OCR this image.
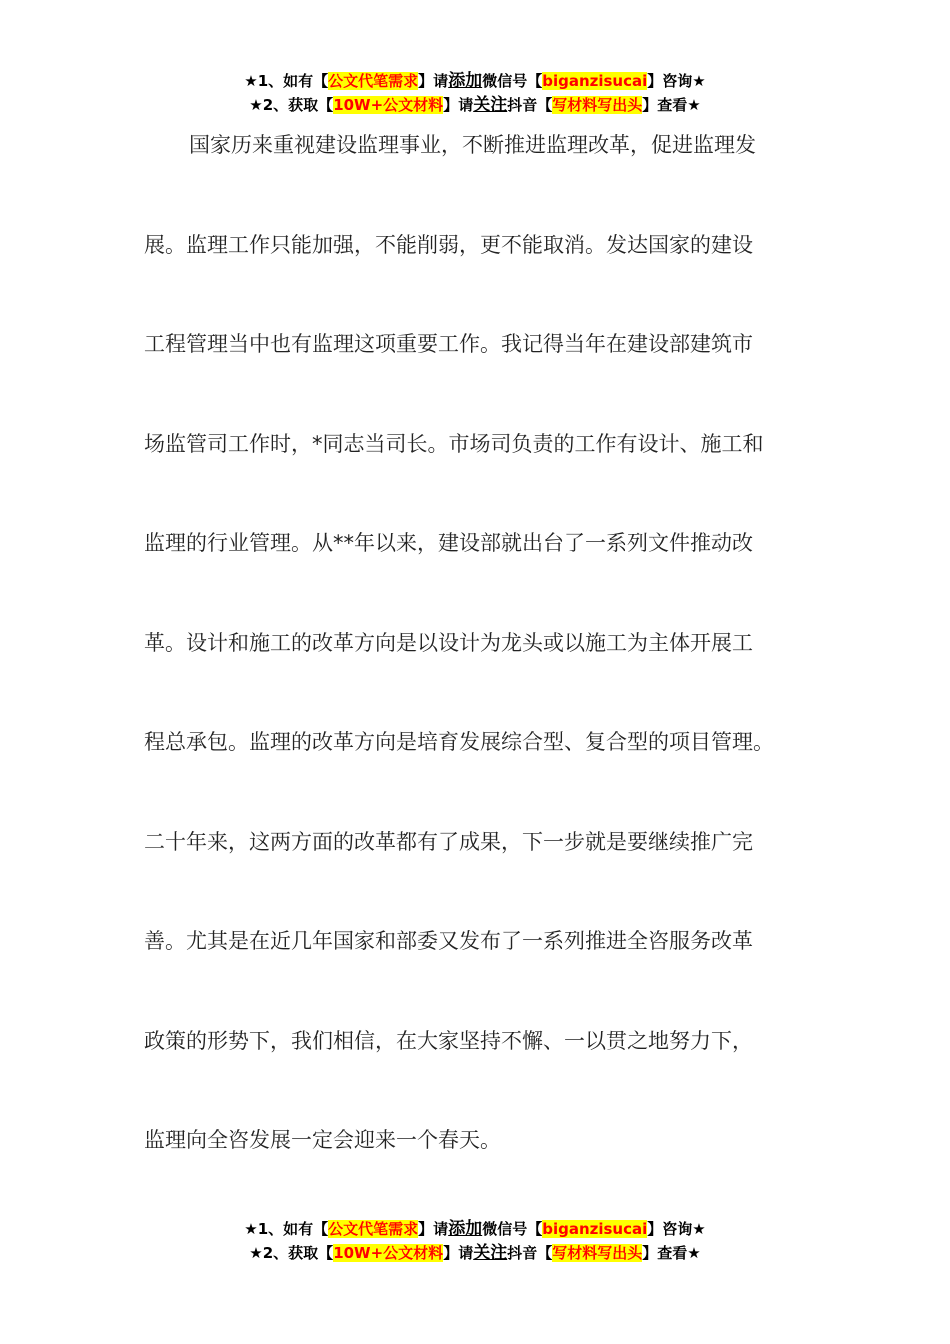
★1、如有【公文代笔需求】请添加微信号【biganzisucai】咨询★
★2、获取【10W+公文材料】请关注抖音【写材料写出头】查看★
国家历来重视建设监理事业，不断推进监理改革，促进监理发
展。监理工作只能加强，不能削弱，更不能取消。发达国家的建设
工程管理当中也有监理这项重要工作。我记得当年在建设部建筑市
场监管司工作时，*同志当司长。市场司负责的工作有设计、施工和
监理的行业管理。从**年以来，建设部就出台了一系列文件推动改
革。设计和施工的改革方向是以设计为龙头或以施工为主体开展工
程总承包。监理的改革方向是培育发展综合型、复合型的项目管理。
二十年来，这两方面的改革都有了成果，下一步就是要继续推广完
善。尤其是在近几年国家和部委又发布了一系列推进全咨服务改革
政策的形势下，我们相信，在大家坚持不懈、一以贯之地努力下，
监理向全咨发展一定会迎来一个春天。
★1、如有【公文代笔需求】请添加微信号【biganzisucai】咨询★
★2、获取【10W+公文材料】请关注抖音【写材料写出头】查看★
